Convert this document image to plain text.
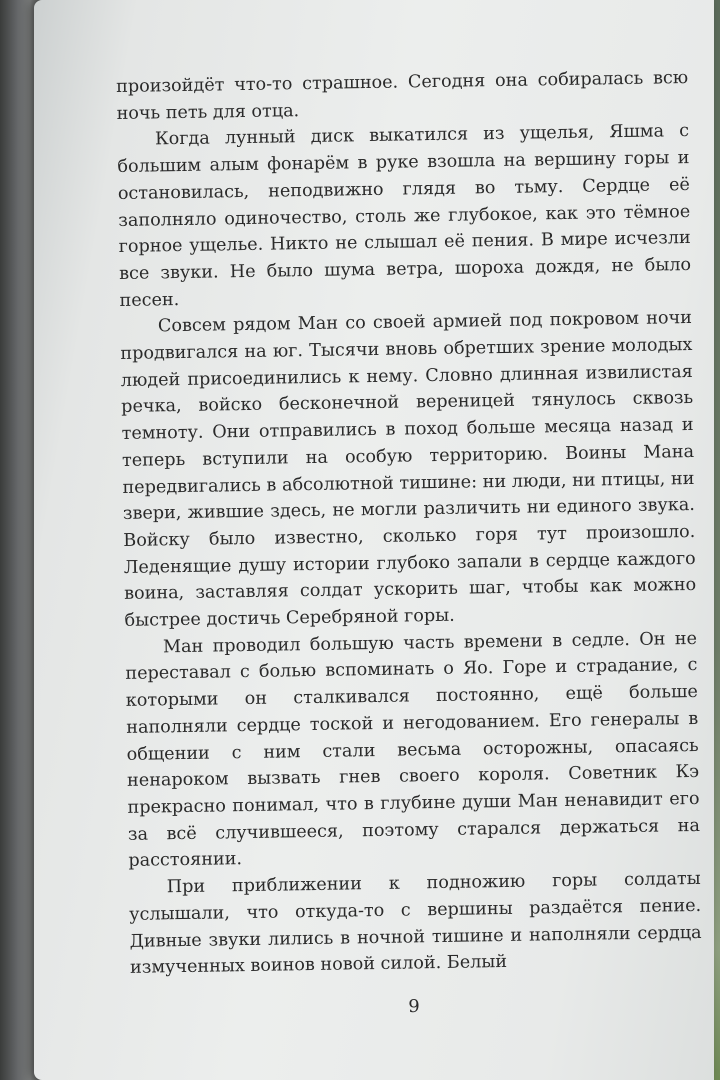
произойдёт что-то страшное. Сегодня она собиралась всю ночь петь для отца.

Когда лунный диск выкатился из ущелья, Яшма с большим алым фонарём в руке взошла на вершину горы и остановилась, неподвижно глядя во тьму. Сердце её заполняло одиночество, столь же глубокое, как это тёмное горное ущелье. Никто не слышал её пения. В мире исчезли все звуки. Не было шума ветра, шороха дождя, не было песен.

Совсем рядом Ман со своей армией под покровом ночи продвигался на юг. Тысячи вновь обретших зрение молодых людей присоединились к нему. Словно длинная извилистая речка, войско бесконечной вереницей тянулось сквозь темноту. Они отправились в поход больше месяца назад и теперь вступили на особую территорию. Воины Мана передвигались в абсолютной тишине: ни люди, ни птицы, ни звери, жившие здесь, не могли различить ни единого звука. Войску было известно, сколько горя тут произошло. Леденящие душу истории глубоко запали в сердце каждого воина, заставляя солдат ускорить шаг, чтобы как можно быстрее достичь Серебряной горы.

Ман проводил большую часть времени в седле. Он не переставал с болью вспоминать о Яо. Горе и страдание, с которыми он сталкивался постоянно, ещё больше наполняли сердце тоской и негодованием. Его генералы в общении с ним стали весьма осторожны, опасаясь ненароком вызвать гнев своего короля. Советник Кэ прекрасно понимал, что в глубине души Ман ненавидит его за всё случившееся, поэтому старался держаться на расстоянии.

При приближении к подножию горы солдаты услышали, что откуда-то с вершины раздаётся пение. Дивные звуки лились в ночной тишине и наполняли сердца измученных воинов новой силой. Белый

9
